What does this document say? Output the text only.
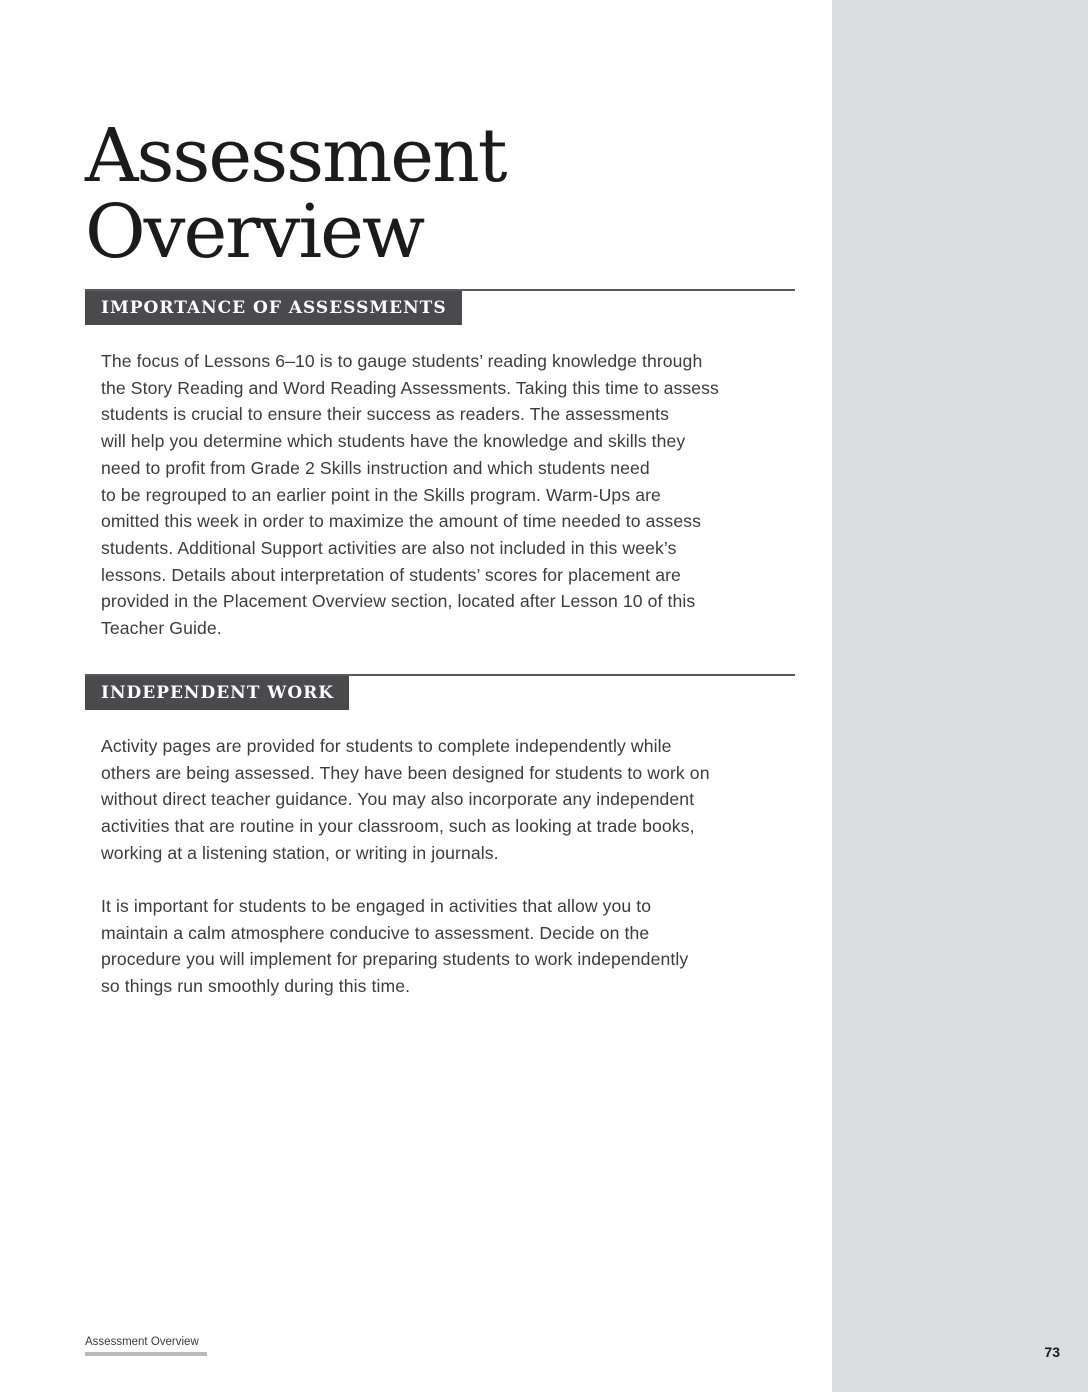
Assessment
Overview
IMPORTANCE OF ASSESSMENTS

The focus of Lessons 6–10 is to gauge students’ reading knowledge through
the Story Reading and Word Reading Assessments. Taking this time to assess
students is crucial to ensure their success as readers. The assessments
will help you determine which students have the knowledge and skills they
need to profit from Grade 2 Skills instruction and which students need
to be regrouped to an earlier point in the Skills program. Warm-Ups are
omitted this week in order to maximize the amount of time needed to assess
students. Additional Support activities are also not included in this week’s
lessons. Details about interpretation of students’ scores for placement are
provided in the Placement Overview section, located after Lesson 10 of this
Teacher Guide.

INDEPENDENT WORK

Activity pages are provided for students to complete independently while
others are being assessed. They have been designed for students to work on
without direct teacher guidance. You may also incorporate any independent
activities that are routine in your classroom, such as looking at trade books,
working at a listening station, or writing in journals.

It is important for students to be engaged in activities that allow you to
maintain a calm atmosphere conducive to assessment. Decide on the
procedure you will implement for preparing students to work independently
so things run smoothly during this time.

Assessment Overview
73
